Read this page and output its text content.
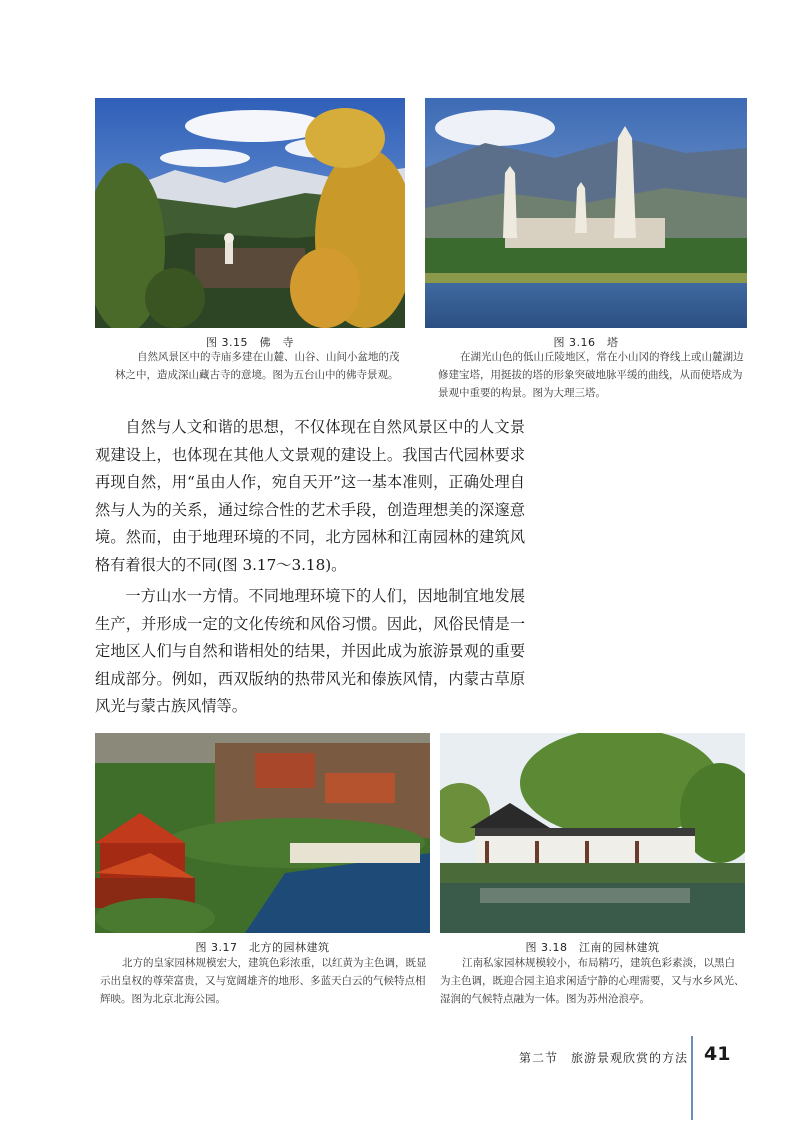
图 3.15　佛　寺
自然风景区中的寺庙多建在山麓、山谷、山间小盆地的茂林之中，造成深山藏古寺的意境。图为五台山中的佛寺景观。
图 3.16　塔
在湖光山色的低山丘陵地区，常在小山冈的脊线上或山麓湖边修建宝塔，用挺拔的塔的形象突破地脉平缓的曲线，从而使塔成为景观中重要的构景。图为大理三塔。

自然与人文和谐的思想，不仅体现在自然风景区中的人文景观建设上，也体现在其他人文景观的建设上。我国古代园林要求再现自然，用“虽由人作，宛自天开”这一基本准则，正确处理自然与人为的关系，通过综合性的艺术手段，创造理想美的深邃意境。然而，由于地理环境的不同，北方园林和江南园林的建筑风格有着很大的不同(图 3.17～3.18)。

一方山水一方情。不同地理环境下的人们，因地制宜地发展生产，并形成一定的文化传统和风俗习惯。因此，风俗民情是一定地区人们与自然和谐相处的结果，并因此成为旅游景观的重要组成部分。例如，西双版纳的热带风光和傣族风情，内蒙古草原风光与蒙古族风情等。

图 3.17　北方的园林建筑
北方的皇家园林规模宏大，建筑色彩浓重，以红黄为主色调，既显示出皇权的尊荣富贵，又与宽阔雄齐的地形、多蓝天白云的气候特点相辉映。图为北京北海公园。
图 3.18　江南的园林建筑
江南私家园林规模较小，布局精巧，建筑色彩素淡，以黑白为主色调，既迎合园主追求闲适宁静的心理需要，又与水乡风光、湿润的气候特点融为一体。图为苏州沧浪亭。
第二节　旅游景观欣赏的方法 41
